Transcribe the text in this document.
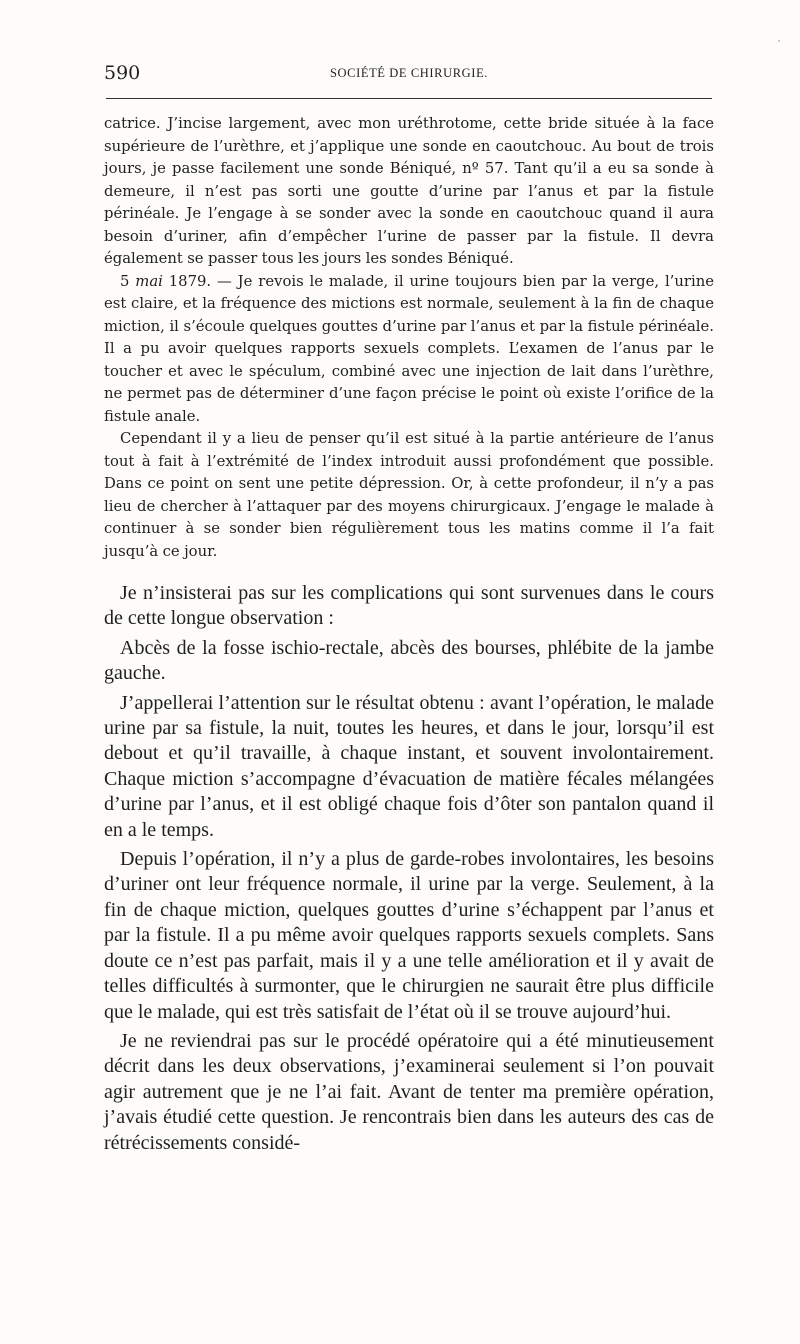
590	SOCIÉTÉ DE CHIRURGIE.

catrice. J’incise largement, avec mon uréthrotome, cette bride située à la face supérieure de l’urèthre, et j’applique une sonde en caoutchouc. Au bout de trois jours, je passe facilement une sonde Béniqué, nº 57. Tant qu’il a eu sa sonde à demeure, il n’est pas sorti une goutte d’urine par l’anus et par la fistule périnéale. Je l’engage à se sonder avec la sonde en caoutchouc quand il aura besoin d’uriner, afin d’empêcher l’urine de passer par la fistule. Il devra également se passer tous les jours les sondes Béniqué.

5 mai 1879. — Je revois le malade, il urine toujours bien par la verge, l’urine est claire, et la fréquence des mictions est normale, seulement à la fin de chaque miction, il s’écoule quelques gouttes d’urine par l’anus et par la fistule périnéale. Il a pu avoir quelques rapports sexuels complets. L’examen de l’anus par le toucher et avec le spéculum, combiné avec une injection de lait dans l’urèthre, ne permet pas de déterminer d’une façon précise le point où existe l’orifice de la fistule anale.

Cependant il y a lieu de penser qu’il est situé à la partie antérieure de l’anus tout à fait à l’extrémité de l’index introduit aussi profondément que possible. Dans ce point on sent une petite dépression. Or, à cette profondeur, il n’y a pas lieu de chercher à l’attaquer par des moyens chirurgicaux. J’engage le malade à continuer à se sonder bien régulièrement tous les matins comme il l’a fait jusqu’à ce jour.

Je n’insisterai pas sur les complications qui sont survenues dans le cours de cette longue observation :

Abcès de la fosse ischio-rectale, abcès des bourses, phlébite de la jambe gauche.

J’appellerai l’attention sur le résultat obtenu : avant l’opération, le malade urine par sa fistule, la nuit, toutes les heures, et dans le jour, lorsqu’il est debout et qu’il travaille, à chaque instant, et souvent involontairement. Chaque miction s’accompagne d’évacuation de matière fécales mélangées d’urine par l’anus, et il est obligé chaque fois d’ôter son pantalon quand il en a le temps.

Depuis l’opération, il n’y a plus de garde-robes involontaires, les besoins d’uriner ont leur fréquence normale, il urine par la verge. Seulement, à la fin de chaque miction, quelques gouttes d’urine s’échappent par l’anus et par la fistule. Il a pu même avoir quelques rapports sexuels complets. Sans doute ce n’est pas parfait, mais il y a une telle amélioration et il y avait de telles difficultés à surmonter, que le chirurgien ne saurait être plus difficile que le malade, qui est très satisfait de l’état où il se trouve aujourd’hui.

Je ne reviendrai pas sur le procédé opératoire qui a été minutieusement décrit dans les deux observations, j’examinerai seulement si l’on pouvait agir autrement que je ne l’ai fait. Avant de tenter ma première opération, j’avais étudié cette question. Je rencontrais bien dans les auteurs des cas de rétrécissements considé-
